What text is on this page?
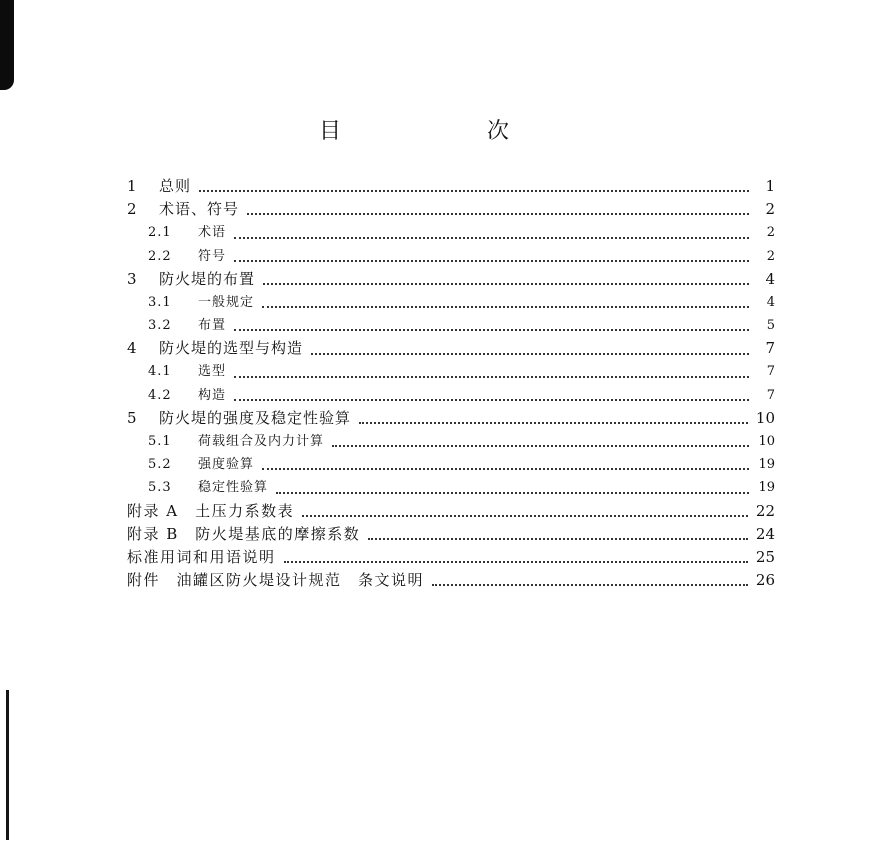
目　次
1	总则	1
2	术语、符号	2
2.1	术语	2
2.2	符号	2
3	防火堤的布置	4
3.1	一般规定	4
3.2	布置	5
4	防火堤的选型与构造	7
4.1	选型	7
4.2	构造	7
5	防火堤的强度及稳定性验算	10
5.1	荷载组合及内力计算	10
5.2	强度验算	19
5.3	稳定性验算	19
附录 A　土压力系数表	22
附录 B　防火堤基底的摩擦系数	24
标准用词和用语说明	25
附件　油罐区防火堤设计规范　条文说明	26
